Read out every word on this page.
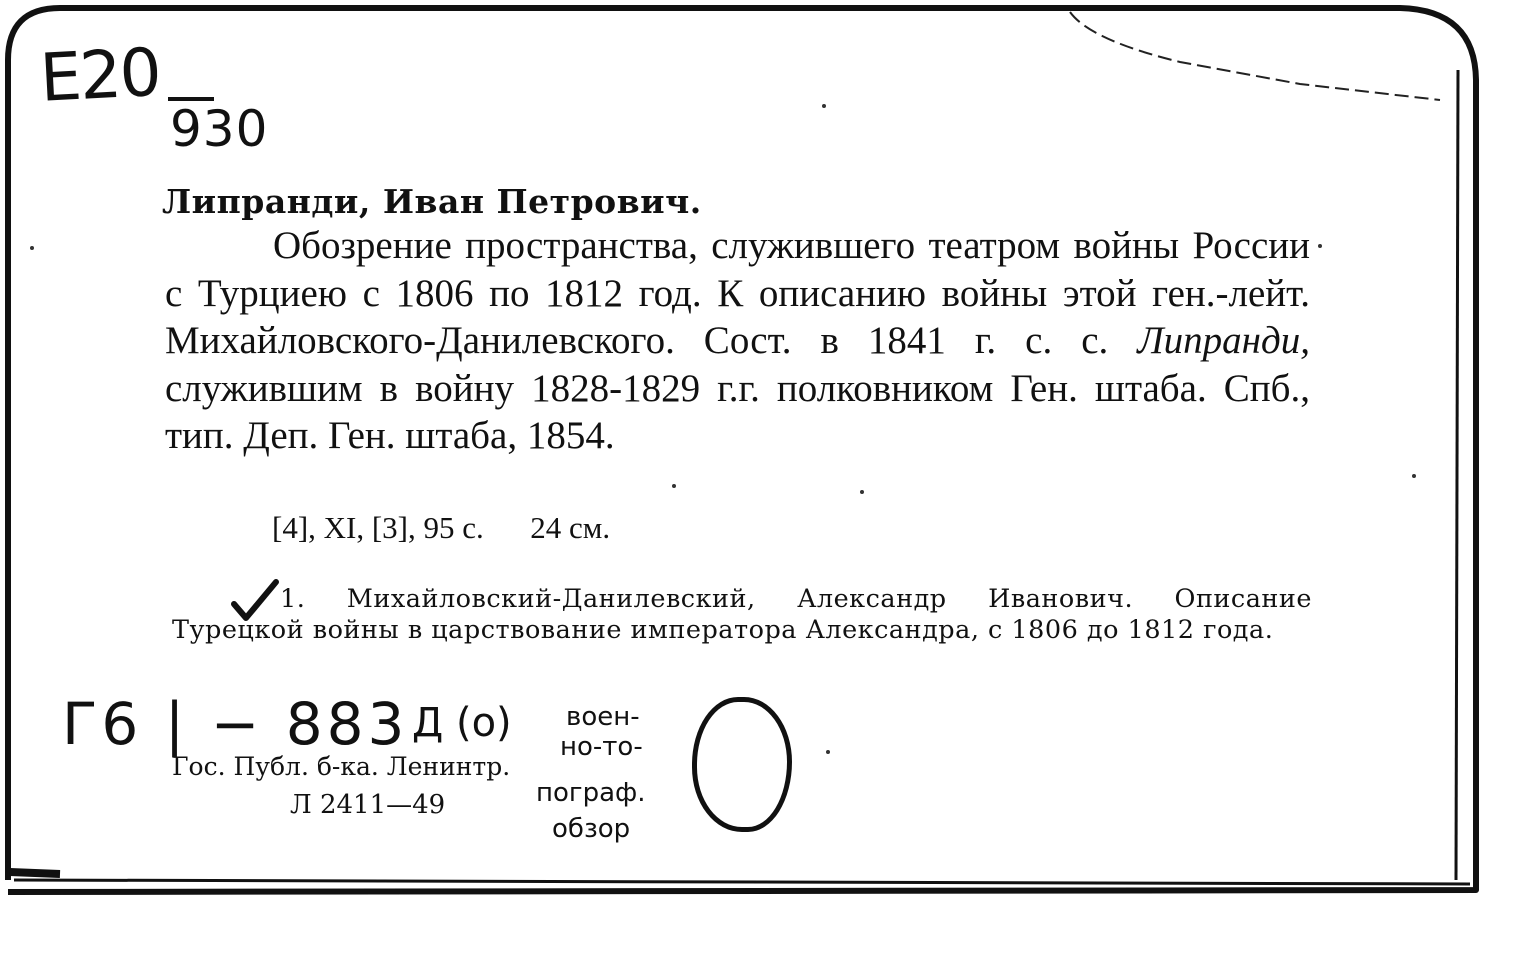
E20
930
Липранди, Иван Петрович.
Обозрение пространства, служившего театром войны России с Турциею с 1806 по 1812 год. К описанию войны этой ген.-лейт. Михайловского-Данилевского. Сост. в 1841 г. с. с. Липранди, служившим в войну 1828-1829 г.г. полковником Ген. штаба. Спб., тип. Деп. Ген. штаба, 1854.
[4], XI, [3], 95 с.      24 см.
1. Михайловский-Данилевский, Александр Иванович. Описание Турецкой войны в царствование императора Александра, с 1806 до 1812 года.
Г6 | − 883 Д (о) воен-
но-то-
пограф.
обзор
Гос. Публ. б-ка. Ленинтр.
Л 2411—49
